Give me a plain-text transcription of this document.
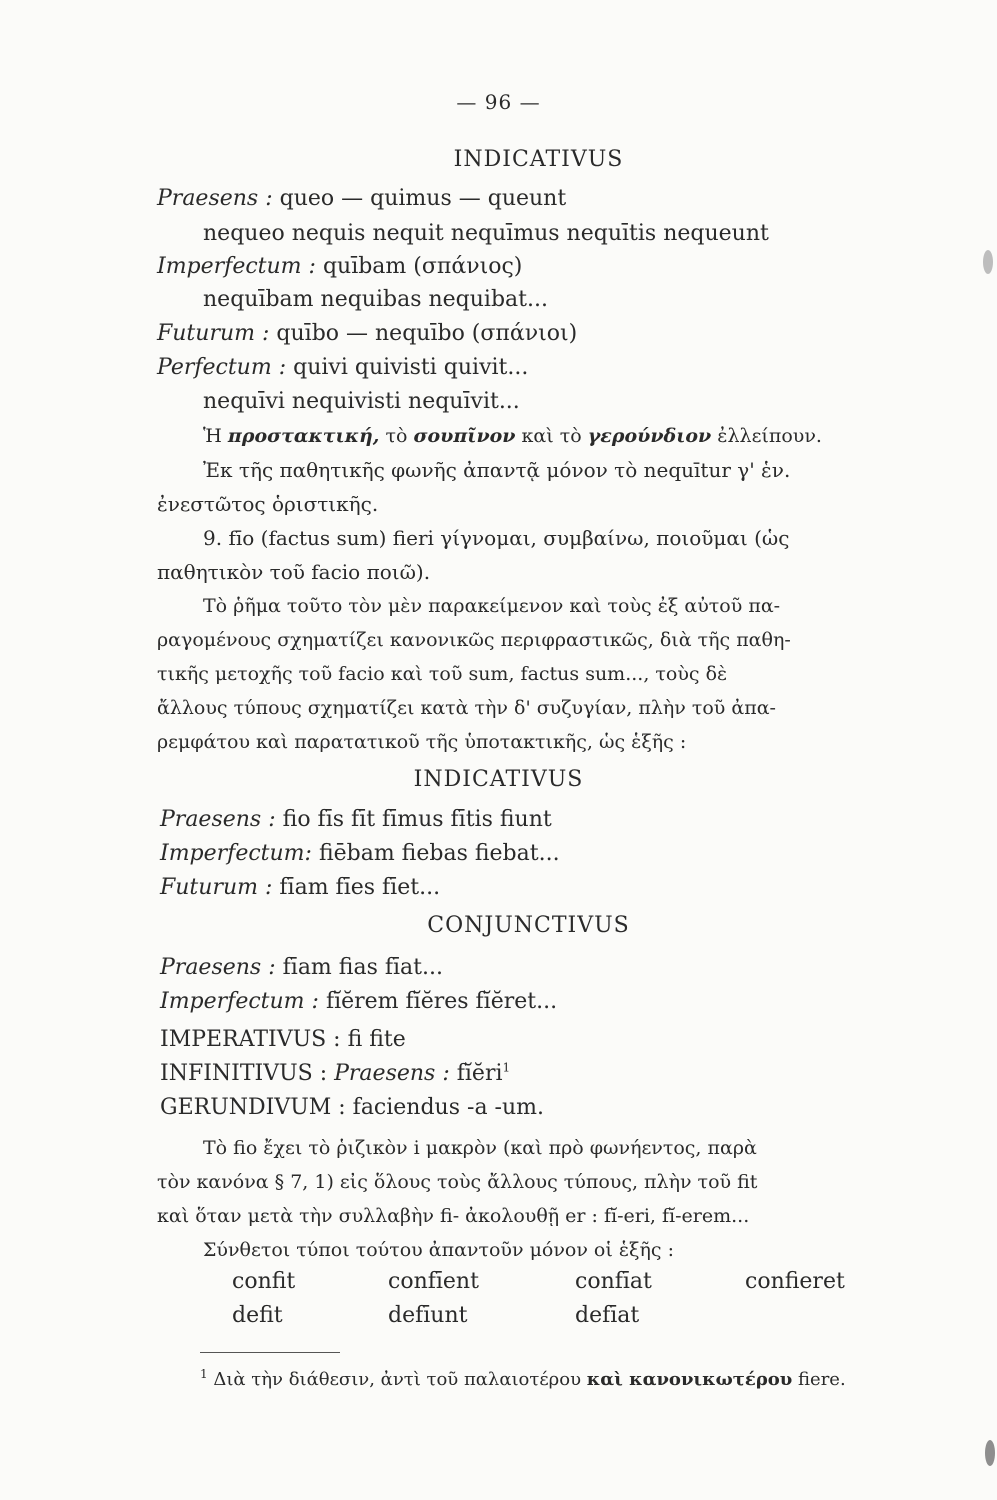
— 96 —
INDICATIVUS
Praesens : queo — quimus — queunt
nequeo nequis nequit nequīmus nequītis nequeunt
Imperfectum : quībam (σπάνιος)
nequībam nequibas nequibat...
Futurum : quībo — nequībo (σπάνιοι)
Perfectum : quivi quivisti quivit...
nequīvi nequivisti nequīvit...
Ἡ προστακτική, τὸ σουπῖνον καὶ τὸ γερούνδιον ἐλλείπουν.
Ἐκ τῆς παθητικῆς φωνῆς ἀπαντᾷ μόνον τὸ nequītur γ' ἑν.
ἐνεστῶτος ὁριστικῆς.
9. fīo (factus sum) fieri γίγνομαι, συμβαίνω, ποιοῦμαι (ὡς
παθητικὸν τοῦ facio ποιῶ).
Τὸ ῥῆμα τοῦτο τὸν μὲν παρακείμενον καὶ τοὺς ἐξ αὐτοῦ πα-
ραγομένους σχηματίζει κανονικῶς περιφραστικῶς, διὰ τῆς παθη-
τικῆς μετοχῆς τοῦ facio καὶ τοῦ sum, factus sum..., τοὺς δὲ
ἄλλους τύπους σχηματίζει κατὰ τὴν δ' συζυγίαν, πλὴν τοῦ ἀπα-
ρεμφάτου καὶ παρατατικοῦ τῆς ὑποτακτικῆς, ὡς ἑξῆς :
INDICATIVUS
Praesens : fio fīs fīt fīmus fītis fiunt
Imperfectum: fiēbam fiebas fiebat...
Futurum : fīam fīes fīet...
CONJUNCTIVUS
Praesens : fīam fias fīat...
Imperfectum : fĭĕrem fĭĕres fĭĕret...
IMPERATIVUS : fi fite
INFINITIVUS : Praesens : fĭĕri$^1$
GERUNDIVUM : faciendus -a -um.
Τὸ fio ἔχει τὸ ῥιζικὸν i μακρὸν (καὶ πρὸ φωνήεντος, παρὰ
τὸν κανόνα § 7, 1) εἰς ὅλους τοὺς ἄλλους τύπους, πλὴν τοῦ fit
καὶ ὅταν μετὰ τὴν συλλαβὴν fi- ἀκολουθῇ er : fĭ-eri, fĭ-erem...
Σύνθετοι τύποι τούτου ἀπαντοῦν μόνον οἱ ἑξῆς :
confit	confīent	confīat	confieret
defit	defīunt	defīat
$^1$ Διὰ τὴν διάθεσιν, ἀντὶ τοῦ παλαιοτέρου καὶ κανονικωτέρου fiere.
